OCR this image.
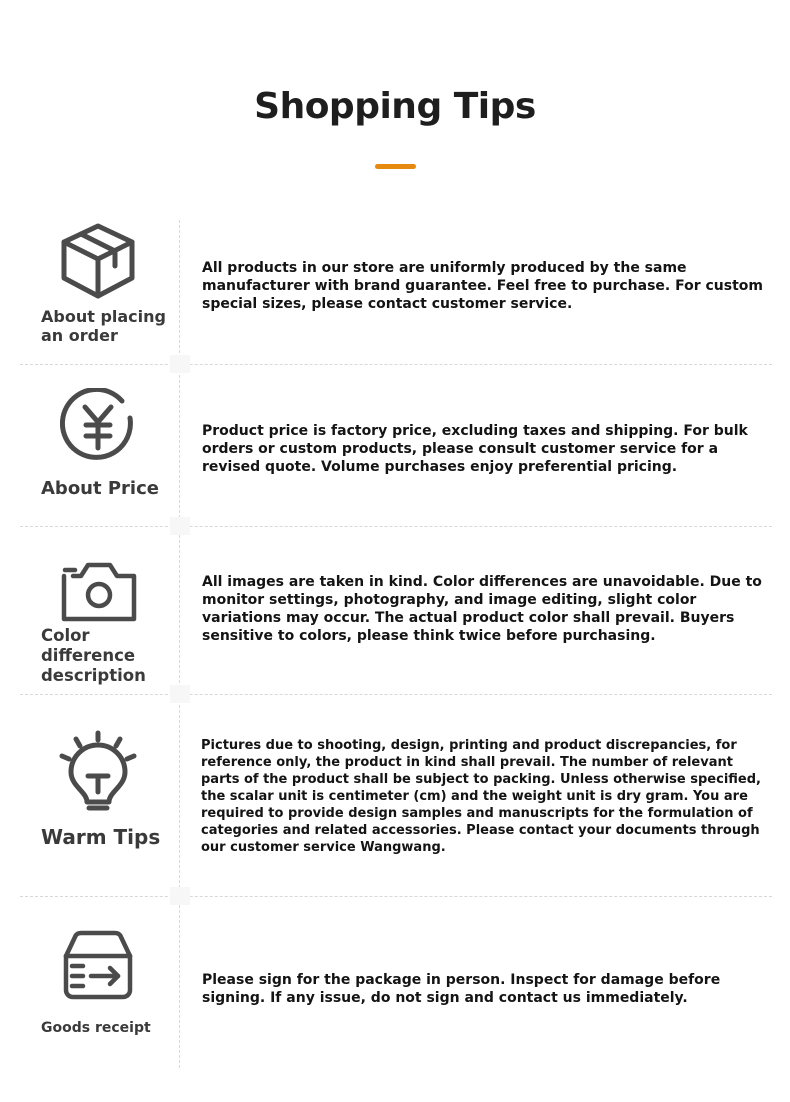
Shopping Tips
About placing an order
All products in our store are uniformly produced by the same manufacturer with brand guarantee. Feel free to purchase. For custom special sizes, please contact customer service.
About Price
Product price is factory price, excluding taxes and shipping. For bulk orders or custom products, please consult customer service for a revised quote. Volume purchases enjoy preferential pricing.
Color difference description
All images are taken in kind. Color differences are unavoidable. Due to monitor settings, photography, and image editing, slight color variations may occur. The actual product color shall prevail. Buyers sensitive to colors, please think twice before purchasing.
Warm Tips
Pictures due to shooting, design, printing and product discrepancies, for reference only, the product in kind shall prevail. The number of relevant parts of the product shall be subject to packing. Unless otherwise specified, the scalar unit is centimeter (cm) and the weight unit is dry gram. You are required to provide design samples and manuscripts for the formulation of categories and related accessories. Please contact your documents through our customer service Wangwang.
Goods receipt
Please sign for the package in person. Inspect for damage before signing. If any issue, do not sign and contact us immediately.
